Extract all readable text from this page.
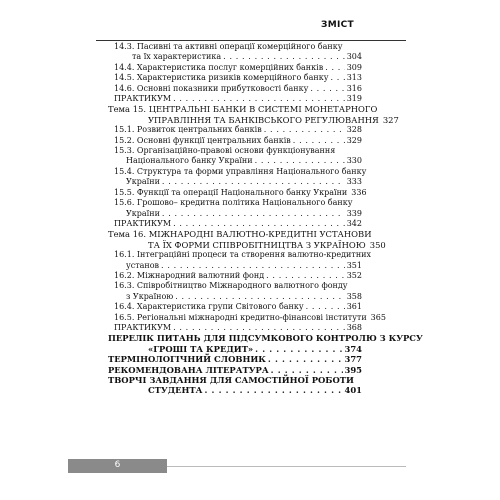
ЗМІСТ
14.3. Пасивні та активні операції комерційного банку
та їх характеристика . . .	304
14.4. Характеристика послуг комерційних банків . . .	309
14.5. Характеристика ризиків комерційного банку . . . 313
14.6. Основні показники прибутковості банку . . .	316
ПРАКТИКУМ . . .	319
Тема 15. ЦЕНТРАЛЬНІ БАНКИ В СИСТЕМІ МОНЕТАРНОГО
УПРАВЛІННЯ ТА БАНКІВСЬКОГО РЕГУЛЮВАННЯ 327
15.1. Розвиток центральних банків . . .	328
15.2. Основні функції центральних банків . . .	329
15.3. Організаційно-правові основи функціонування
Національного банку України . . .	330
15.4. Структура та форми управління Національного банку
України . . .	333
15.5. Функції та операції Національного банку України 336
15.6. Грошово– кредитна політика Національного банку
України . . .	339
ПРАКТИКУМ . . .	342
Тема 16. МІЖНАРОДНІ ВАЛЮТНО-КРЕДИТНІ УСТАНОВИ
ТА ЇХ ФОРМИ СПІВРОБІТНИЦТВА З УКРАЇНОЮ 350
16.1. Інтеграційні процеси та створення валютно-кредитних
установ . . .	351
16.2. Міжнародний валютний фонд . . .	352
16.3. Співробітництво Міжнародного валютного фонду
з Україною . . .	358
16.4. Характеристика групи Світового банку . . .	361
16.5. Регіональні міжнародні кредитно-фінансові інститути 365
ПРАКТИКУМ . . .	368
ПЕРЕЛІК ПИТАНЬ ДЛЯ ПІДСУМКОВОГО КОНТРОЛЮ З КУРСУ
«ГРОШІ ТА КРЕДИТ» . . .	374
ТЕРМІНОЛОГІЧНИЙ СЛОВНИК . . .	377
РЕКОМЕНДОВАНА ЛІТЕРАТУРА . . .	395
ТВОРЧІ ЗАВДАННЯ ДЛЯ САМОСТІЙНОЇ РОБОТИ
СТУДЕНТА . . .	401
6
